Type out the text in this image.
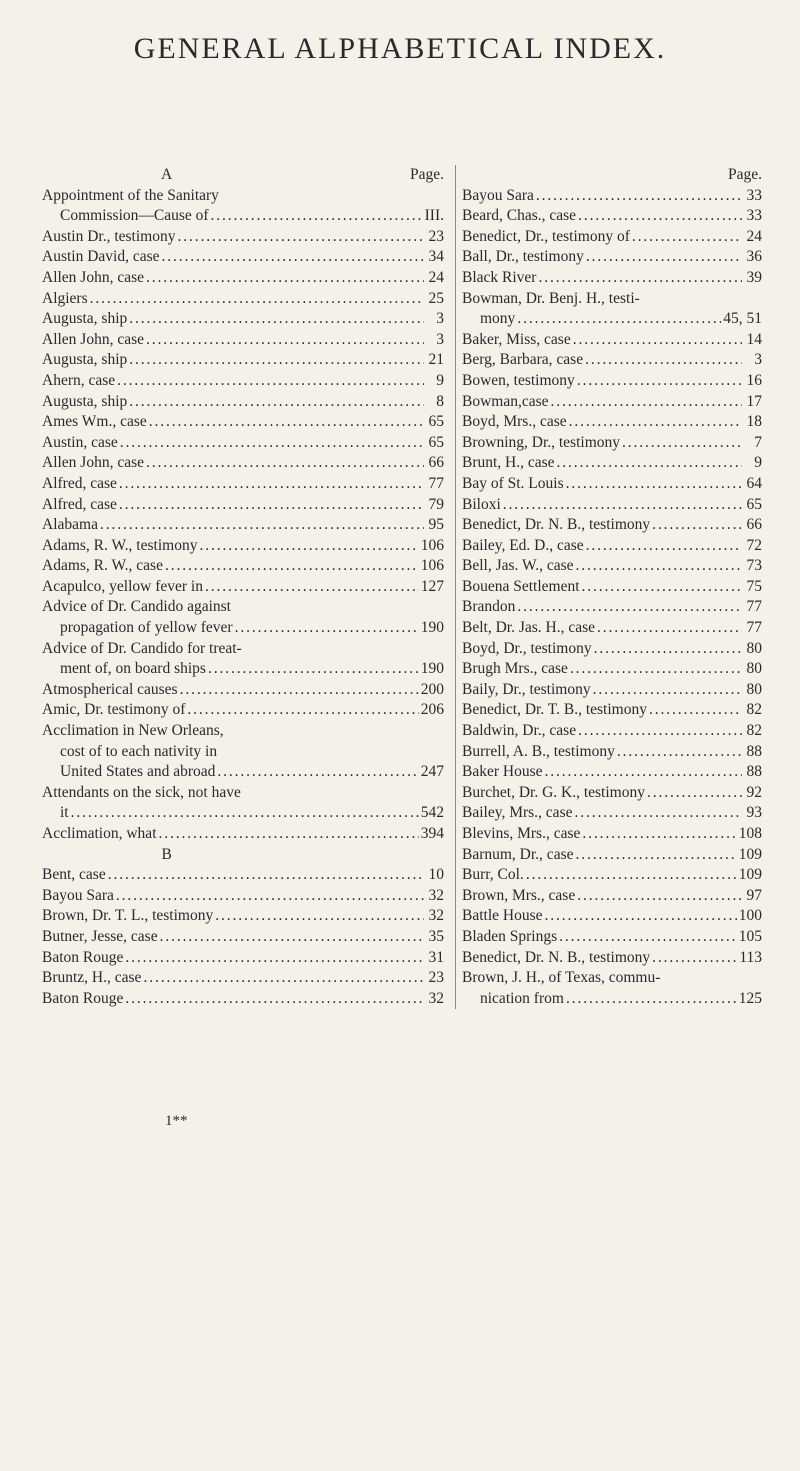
GENERAL ALPHABETICAL INDEX.
A	Page.
Appointment of the Sanitary
Commission—Cause of . . .	III.
Austin Dr., testimony . . .	23
Austin David, case . . .	34
Allen John, case . . .	24
Algiers . . .	25
Augusta, ship . . .	3
Allen John, case . . .	3
Augusta, ship . . .	21
Ahern, case . . .	9
Augusta, ship . . .	8
Ames Wm., case . . .	65
Austin, case . . .	65
Allen John, case . . .	66
Alfred, case . . .	77
Alfred, case . . .	79
Alabama . . .	95
Adams, R. W., testimony . . .	106
Adams, R. W., case . . .	106
Acapulco, yellow fever in . . .	127
Advice of Dr. Candido against
propagation of yellow fever . . .	190
Advice of Dr. Candido for treat-
ment of, on board ships . . .	190
Atmospherical causes . . .	200
Amic, Dr. testimony of . . .	206
Acclimation in New Orleans,
cost of to each nativity in
United States and abroad . . .	247
Attendants on the sick, not have
it . . .	542
Acclimation, what . . .	394
B
Bent, case . . .	10
Bayou Sara . . .	32
Brown, Dr. T. L., testimony . . .	32
Butner, Jesse, case . . .	35
Baton Rouge . . .	31
Bruntz, H., case . . .	23
Baton Rouge . . .	32
Page.
Bayou Sara . . .	33
Beard, Chas., case . . .	33
Benedict, Dr., testimony of . . .	24
Ball, Dr., testimony . . .	36
Black River . . .	39
Bowman, Dr. Benj. H., testi-
mony . . .	45, 51
Baker, Miss, case . . .	14
Berg, Barbara, case . . .	3
Bowen, testimony . . .	16
Bowman,case . . .	17
Boyd, Mrs., case . . .	18
Browning, Dr., testimony . . .	7
Brunt, H., case . . .	9
Bay of St. Louis . . .	64
Biloxi . . .	65
Benedict, Dr. N. B., testimony . . .	66
Bailey, Ed. D., case . . .	72
Bell, Jas. W., case . . .	73
Bouena Settlement . . .	75
Brandon . . .	77
Belt, Dr. Jas. H., case . . .	77
Boyd, Dr., testimony . . .	80
Brugh Mrs., case . . .	80
Baily, Dr., testimony . . .	80
Benedict, Dr. T. B., testimony . . .	82
Baldwin, Dr., case . . .	82
Burrell, A. B., testimony . . .	88
Baker House . . .	88
Burchet, Dr. G. K., testimony . . .	92
Bailey, Mrs., case . . .	93
Blevins, Mrs., case . . .	108
Barnum, Dr., case . . .	109
Burr, Col. . . .	109
Brown, Mrs., case . . .	97
Battle House . . .	100
Bladen Springs . . .	105
Benedict, Dr. N. B., testimony . . .	113
Brown, J. H., of Texas, commu-
nication from . . .	125
1**
